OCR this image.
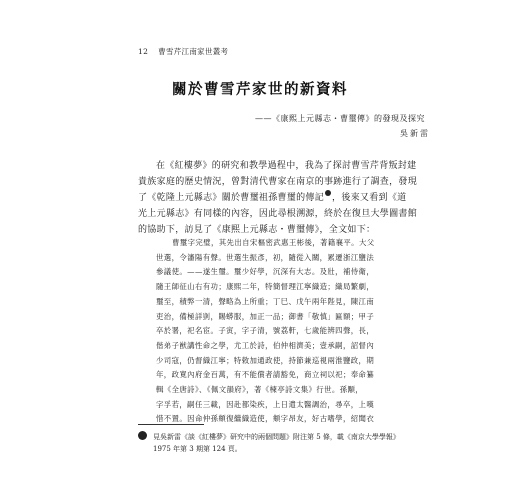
12 曹雪芹江南家世叢考
關於曹雪芹家世的新資料
——《康熙上元縣志・曹璽傳》的發現及探究
吳新雷
在《紅樓夢》的研究和教學過程中，我為了探討曹雪芹背叛封建
貴族家庭的歷史情況，曾對清代曹家在南京的事跡進行了調查，發現
了《乾隆上元縣志》關於曹璽祖孫曹璽的傳記 ，後來又看到《道
光上元縣志》有同樣的內容，因此尋根溯源，終於在復旦大學圖書館
的協助下，訪見了《康熙上元縣志・曹璽傳》，全文如下：
曹璽字完璧，其先出自宋樞密武惠王彬後，著籍襄平。大父
世選，令瀋陽有聲。世選生振彥，初，隨從入關，累遷浙江鹽法
參議使。——遂生璽。璽少好學，沉深有大志。及壯，補侍衛，
隨王師征山右有功；康熙二年，特簡督理江寧織造；織局繁劇，
璽至，積弊一清，聲略為上所重；丁巳、戊午兩年陛見，陳江南
吏治，備極詳剴，賜蟒服，加正一品；御書「敬慎」匾額；甲子
卒於署，祀名宦。子寅，字子清，號荔軒，七歲能辨四聲，長，
偕弟子猷講性命之學，尤工於詩，伯仲相濟美；壹承嗣，詔督內
少司寇，仍督織江寧；特敕加通政使，持節兼巡視兩淮鹽政，期
年，政寬內府金百萬，有不能償者請豁免，商立祠以祀；奉命纂
輯《全唐詩》、《佩文韻府》，著《楝亭詩文集》行世。孫顒，
字孚若，嗣任三載，因赴都染疾，上日遣太醫調治，尋卒，上嘆
惜不置。因命仲孫頫復繼織造使，頫字昂友，好古嗜學，紹聞衣
見吳新雷《談《紅樓夢》研究中的兩個問題》附注第 5 條，載《南京大學學報》
1975 年第 3 期第 124 頁。
